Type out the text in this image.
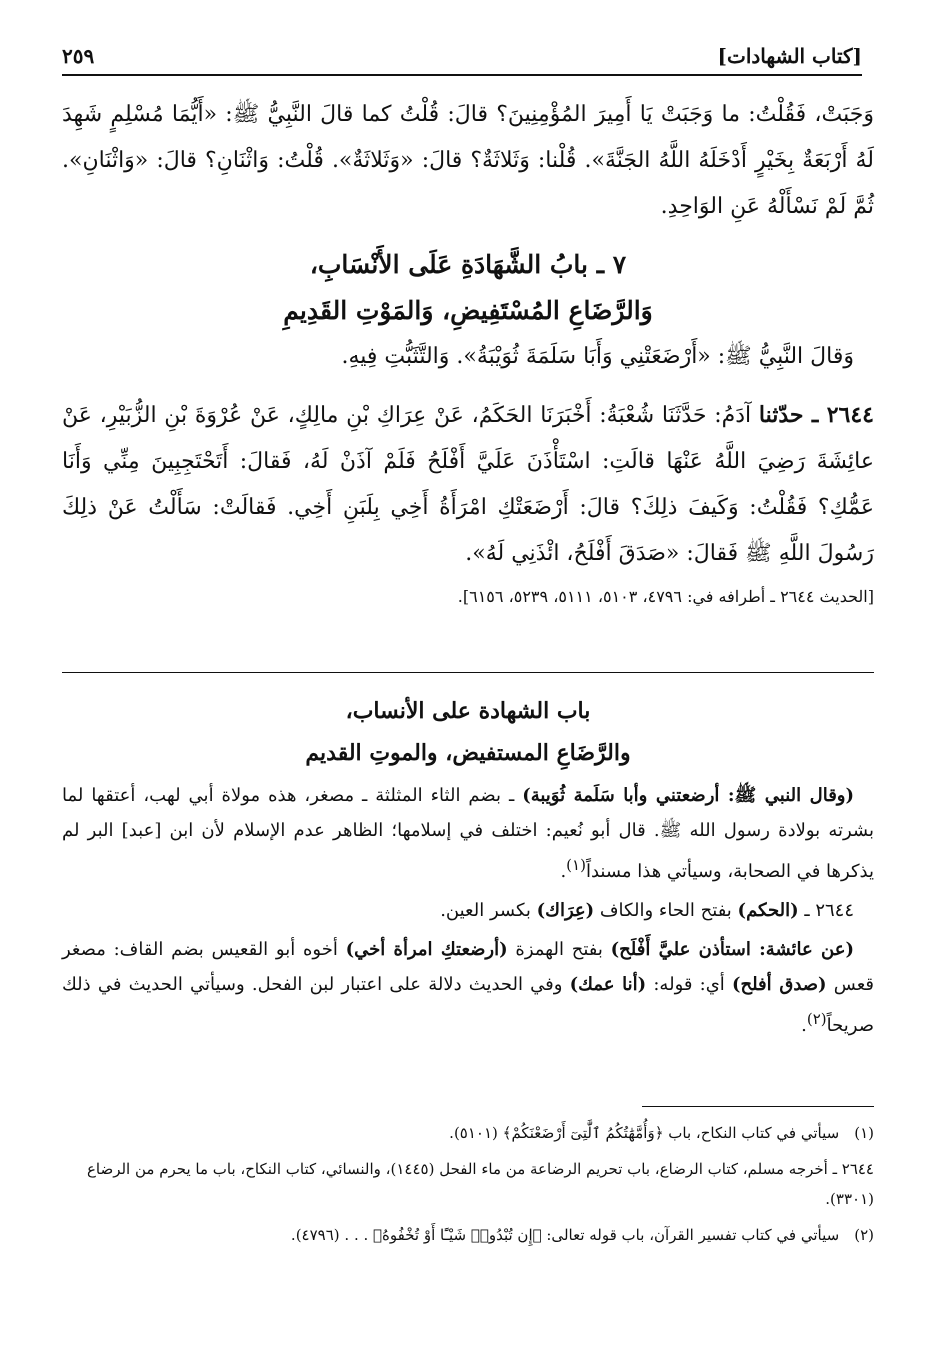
[كتاب الشهادات]
٢٥٩

وَجَبَتْ، فَقُلْتُ: ما وَجَبَتْ يَا أَمِيرَ المُؤْمِنِينَ؟ قالَ: قُلْتُ كما قالَ النَّبِيُّ ﷺ: «أَيُّمَا مُسْلِمٍ شَهِدَ لَهُ أَرْبَعَةٌ بِخَيْرٍ أَدْخَلَهُ اللَّهُ الجَنَّةَ». قُلْنا: وَثَلاثَةٌ؟ قالَ: «وَثَلاثَةٌ». قُلْتُ: وَاثْنَانِ؟ قالَ: «وَاثْنَانِ». ثُمَّ لَمْ نَسْأَلْهُ عَنِ الوَاحِدِ.

٧ ـ بابُ الشَّهَادَةِ عَلَى الأَنْسَابِ،
وَالرَّضَاعِ المُسْتَفِيضِ، وَالمَوْتِ القَدِيمِ

وَقالَ النَّبِيُّ ﷺ: «أَرْضَعَتْنِي وَأَبَا سَلَمَةَ ثُوَيْبَةُ». وَالتَّثَبُّتِ فِيهِ.

٢٦٤٤ ـ حدّثنا آدَمُ: حَدَّثَنَا شُعْبَةُ: أَخْبَرَنَا الحَكَمُ، عَنْ عِرَاكِ بْنِ مالِكٍ، عَنْ عُرْوَةَ بْنِ الزُّبَيْرِ، عَنْ عائِشَةَ رَضِيَ اللَّهُ عَنْهَا قالَتِ: اسْتَأْذَنَ عَلَيَّ أَفْلَحُ فَلَمْ آذَنْ لَهُ، فَقالَ: أَتَحْتَجِبِينَ مِنِّي وَأَنَا عَمُّكِ؟ فَقُلْتُ: وَكَيفَ ذلِكَ؟ قالَ: أَرْضَعَتْكِ امْرَأَةُ أَخِي بِلَبَنِ أَخِي. فَقالَتْ: سَأَلْتُ عَنْ ذلِكَ رَسُولَ اللَّهِ ﷺ فَقالَ: «صَدَقَ أَفْلَحُ، ائْذَنِي لَهُ».

[الحديث ٢٦٤٤ ـ أطرافه في: ٤٧٩٦، ٥١٠٣، ٥١١١، ٥٢٣٩، ٦١٥٦].
باب الشهادة على الأنساب،
والرَّضَاعِ المستفيض، والموتِ القديم

(وقال النبي ﷺ: أرضعتني وأبا سَلَمة ثُوَيبة) ـ بضم الثاء المثلثة ـ مصغر، هذه مولاة أبي لهب، أعتقها لما بشرته بولادة رسول الله ﷺ. قال أبو نُعيم: اختلف في إسلامها؛ الظاهر عدم الإسلام لأن ابن [عبد] البر لم يذكرها في الصحابة، وسيأتي هذا مسنداً$^{(١)}$.

٢٦٤٤ ـ (الحكم) بفتح الحاء والكاف (عِرَاك) بكسر العين.

(عن عائشة: استأذن عليَّ أَفْلَح) بفتح الهمزة (أرضعتكِ امرأة أخي) أخوه أبو القعيس بضم القاف: مصغر قعس (صدق أفلح) أي: قوله: (أنا عمك) وفي الحديث دلالة على اعتبار لبن الفحل. وسيأتي الحديث في ذلك صريحاً$^{(٢)}$.

(١) سيأتي في كتاب النكاح، باب ﴿وَأُمَّهَٰتُكُمُ ٱلَّٰتِىٓ أَرْضَعْنَكُمْ﴾ (٥١٠١).
٢٦٤٤ ـ أخرجه مسلم، كتاب الرضاع، باب تحريم الرضاعة من ماء الفحل (١٤٤٥)، والنسائي، كتاب النكاح، باب ما يحرم من الرضاع (٣٣٠١).
(٢) سيأتي في كتاب تفسير القرآن، باب قوله تعالى: ﴿إِن تُبْدُوا۟ شَيْـًٔا أَوْ تُخْفُوهُ﴾ . . . (٤٧٩٦).
